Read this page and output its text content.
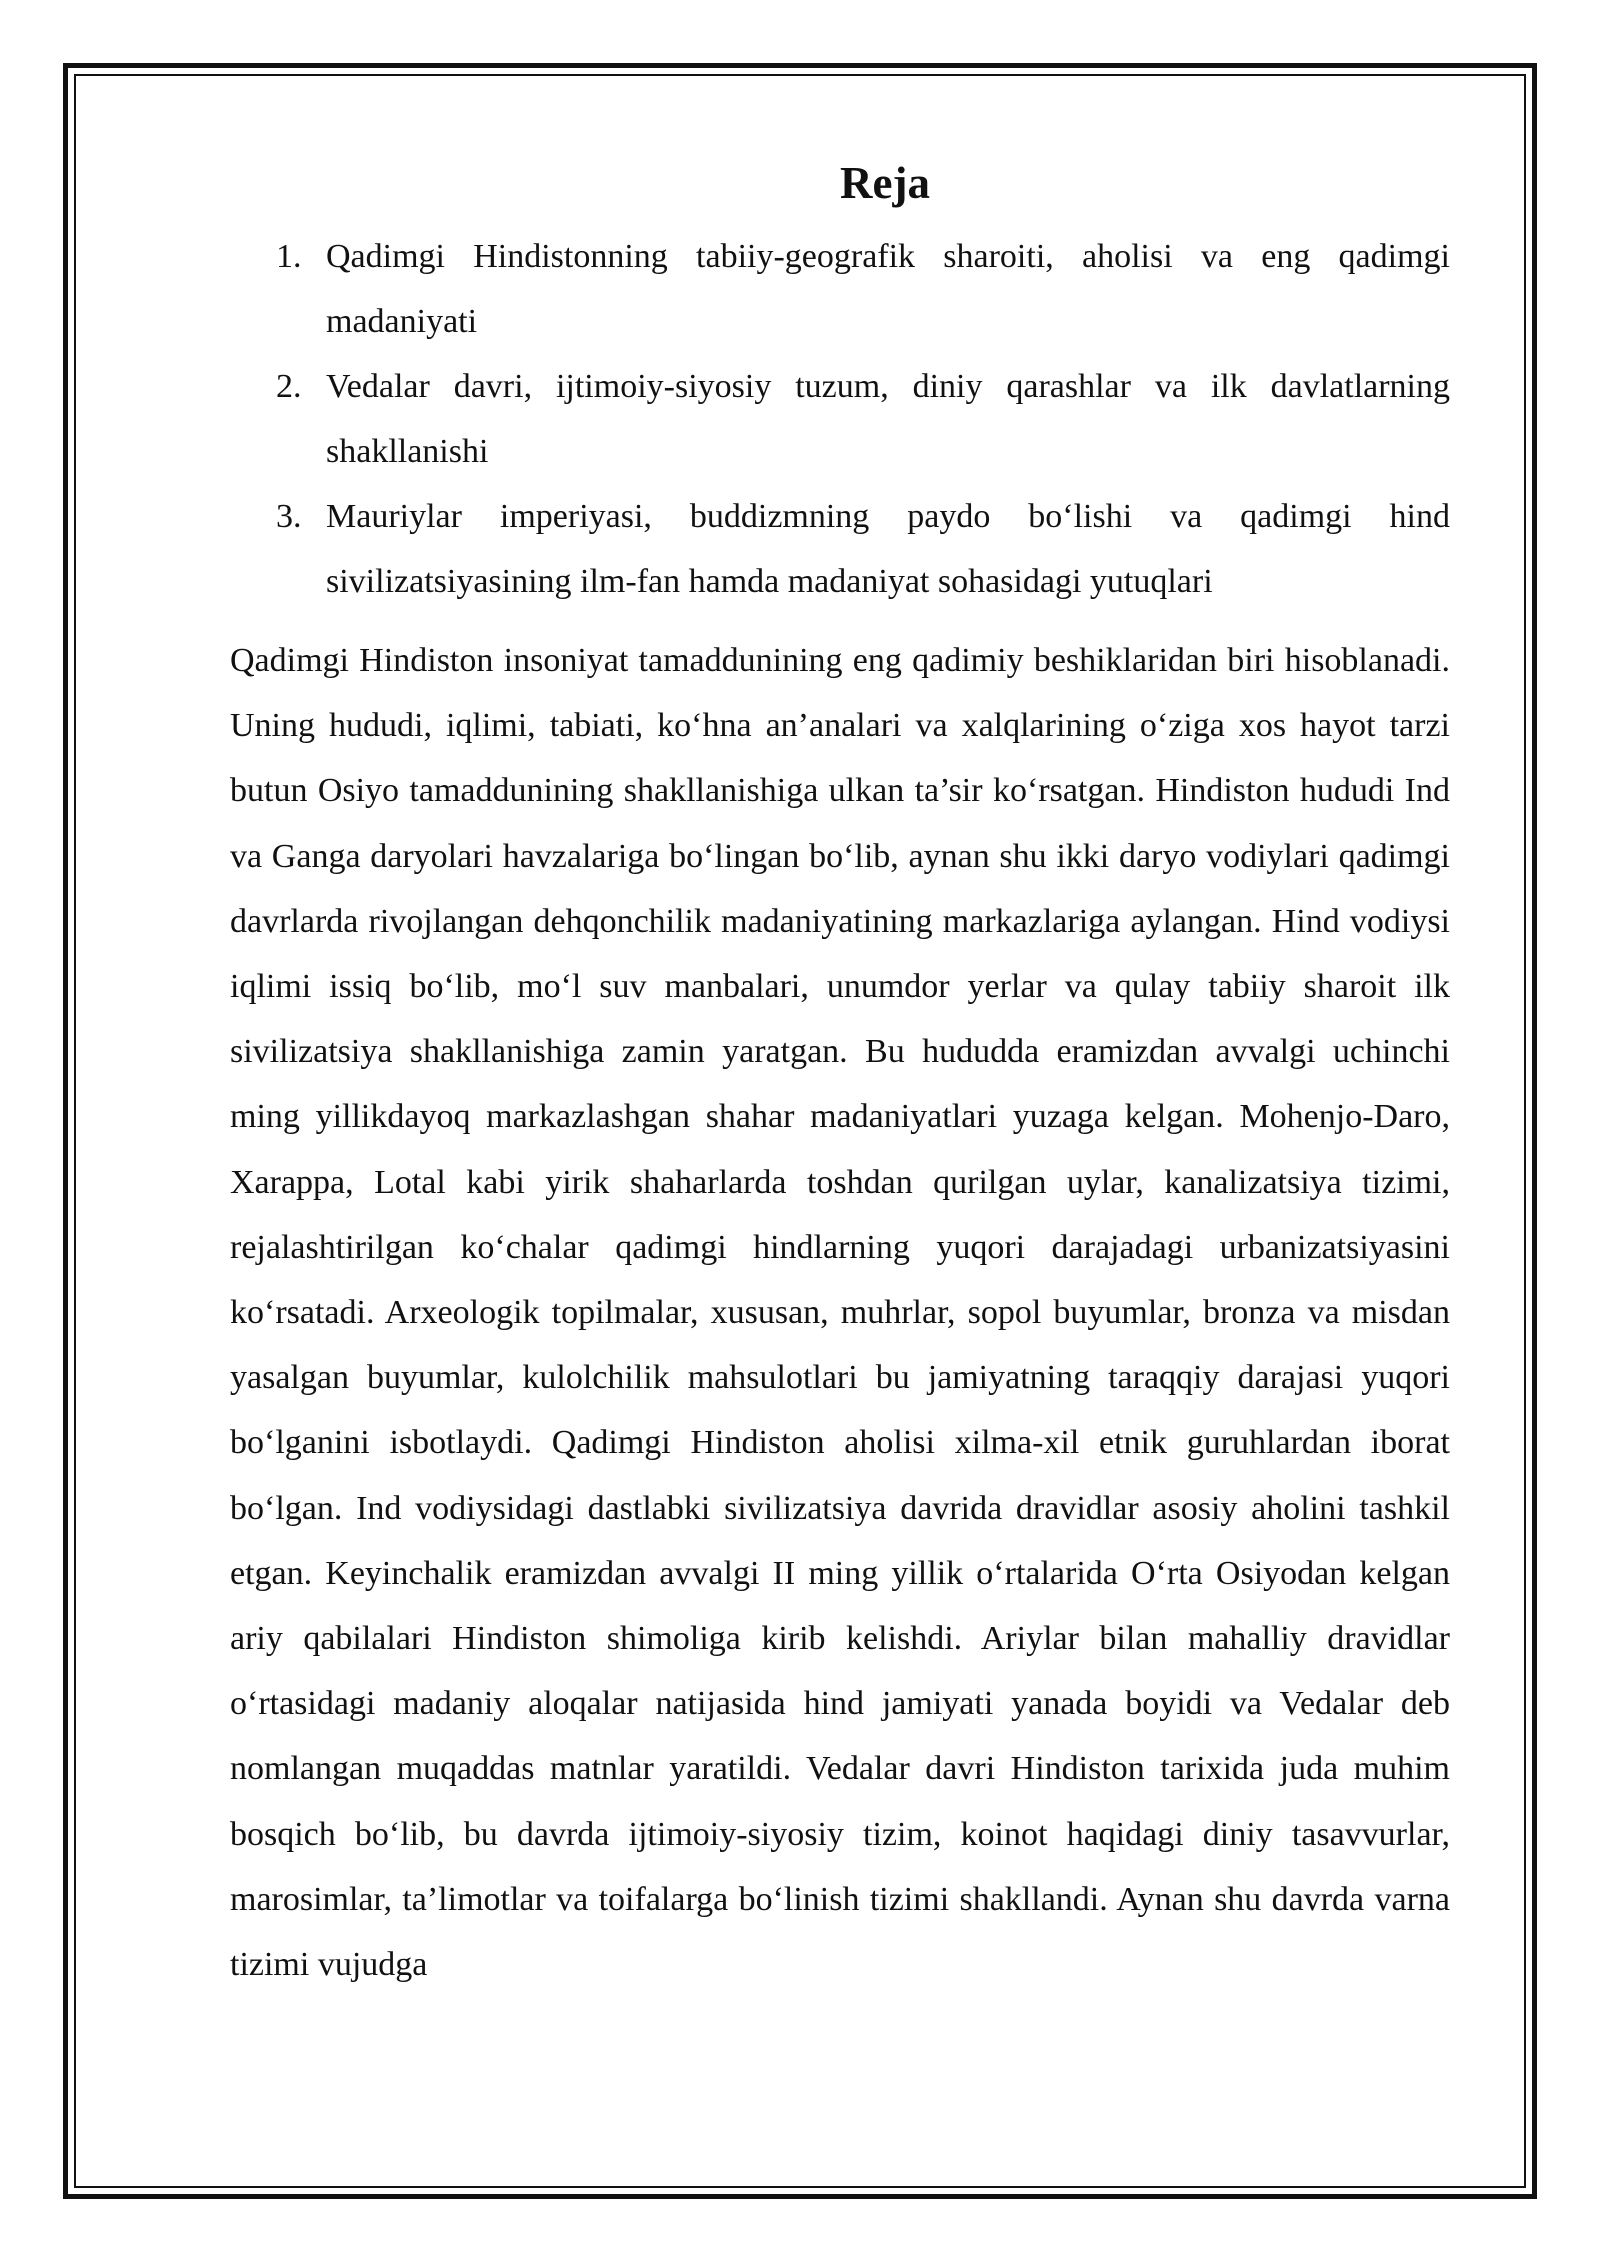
Reja
1. Qadimgi Hindistonning tabiiy-geografik sharoiti, aholisi va eng qadimgi madaniyati
2. Vedalar davri, ijtimoiy-siyosiy tuzum, diniy qarashlar va ilk davlatlarning shakllanishi
3. Mauriylar imperiyasi, buddizmning paydo bo‘lishi va qadimgi hind sivilizatsiyasining ilm-fan hamda madaniyat sohasidagi yutuqlari

Qadimgi Hindiston insoniyat tamaddunining eng qadimiy beshiklaridan biri hisoblanadi. Uning hududi, iqlimi, tabiati, ko‘hna an’analari va xalqlarining o‘ziga xos hayot tarzi butun Osiyo tamaddunining shakllanishiga ulkan ta’sir ko‘rsatgan. Hindiston hududi Ind va Ganga daryolari havzalariga bo‘lingan bo‘lib, aynan shu ikki daryo vodiylari qadimgi davrlarda rivojlangan dehqonchilik madaniyatining markazlariga aylangan. Hind vodiysi iqlimi issiq bo‘lib, mo‘l suv manbalari, unumdor yerlar va qulay tabiiy sharoit ilk sivilizatsiya shakllanishiga zamin yaratgan. Bu hududda eramizdan avvalgi uchinchi ming yillikdayoq markazlashgan shahar madaniyatlari yuzaga kelgan. Mohenjo-Daro, Xarappa, Lotal kabi yirik shaharlarda toshdan qurilgan uylar, kanalizatsiya tizimi, rejalashtirilgan ko‘chalar qadimgi hindlarning yuqori darajadagi urbanizatsiyasini ko‘rsatadi. Arxeologik topilmalar, xususan, muhrlar, sopol buyumlar, bronza va misdan yasalgan buyumlar, kulolchilik mahsulotlari bu jamiyatning taraqqiy darajasi yuqori bo‘lganini isbotlaydi. Qadimgi Hindiston aholisi xilma-xil etnik guruhlardan iborat bo‘lgan. Ind vodiysidagi dastlabki sivilizatsiya davrida dravidlar asosiy aholini tashkil etgan. Keyinchalik eramizdan avvalgi II ming yillik o‘rtalarida O‘rta Osiyodan kelgan ariy qabilalari Hindiston shimoliga kirib kelishdi. Ariylar bilan mahalliy dravidlar o‘rtasidagi madaniy aloqalar natijasida hind jamiyati yanada boyidi va Vedalar deb nomlangan muqaddas matnlar yaratildi. Vedalar davri Hindiston tarixida juda muhim bosqich bo‘lib, bu davrda ijtimoiy-siyosiy tizim, koinot haqidagi diniy tasavvurlar, marosimlar, ta’limotlar va toifalarga bo‘linish tizimi shakllandi. Aynan shu davrda varna tizimi vujudga
